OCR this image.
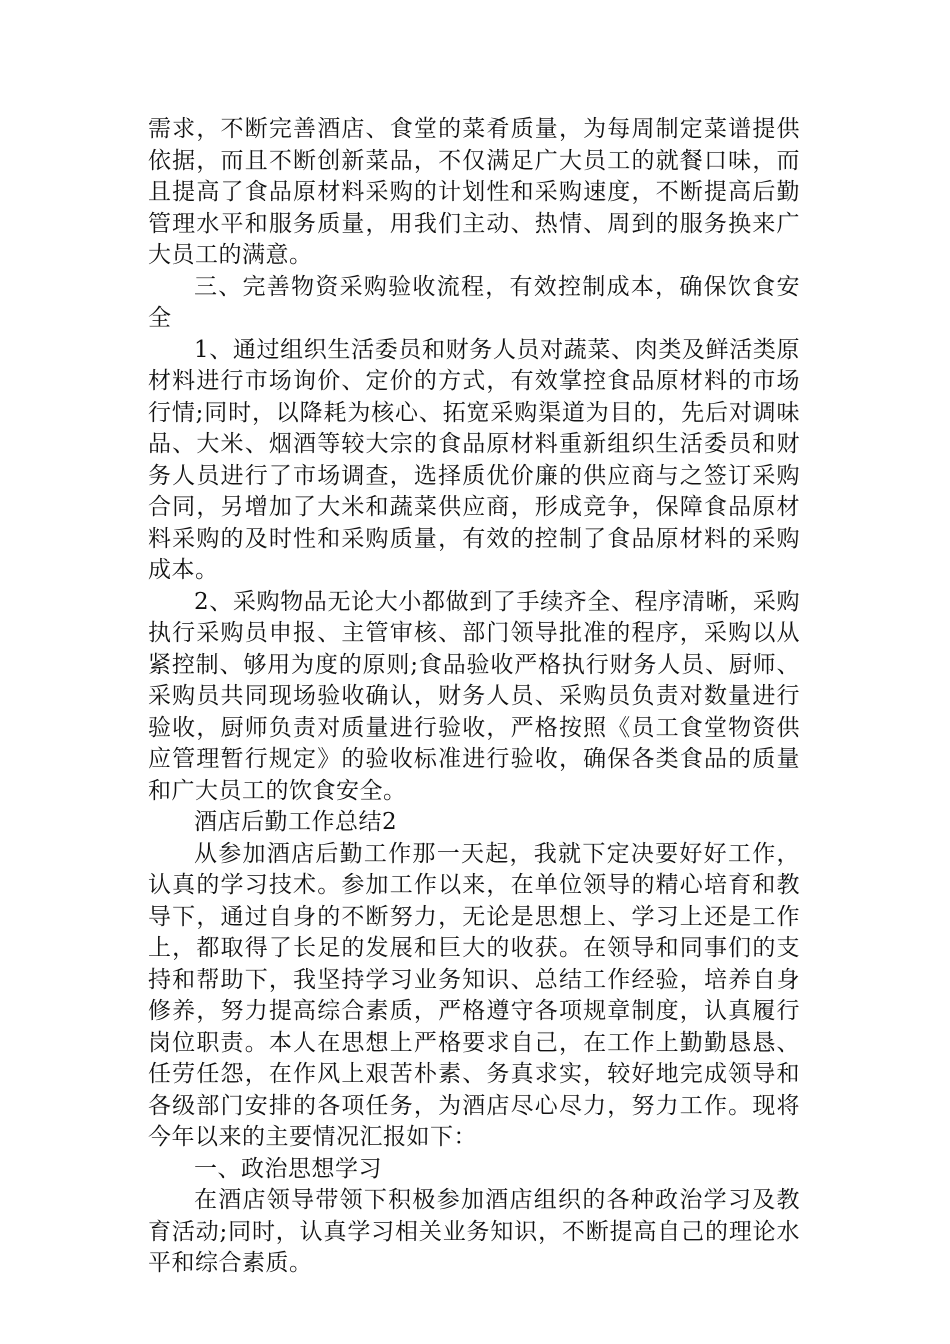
需求，不断完善酒店、食堂的菜肴质量，为每周制定菜谱提供依据，而且不断创新菜品，不仅满足广大员工的就餐口味，而且提高了食品原材料采购的计划性和采购速度，不断提高后勤管理水平和服务质量，用我们主动、热情、周到的服务换来广大员工的满意。

三、完善物资采购验收流程，有效控制成本，确保饮食安全

1、通过组织生活委员和财务人员对蔬菜、肉类及鲜活类原材料进行市场询价、定价的方式，有效掌控食品原材料的市场行情;同时，以降耗为核心、拓宽采购渠道为目的，先后对调味品、大米、烟酒等较大宗的食品原材料重新组织生活委员和财务人员进行了市场调查，选择质优价廉的供应商与之签订采购合同，另增加了大米和蔬菜供应商，形成竞争，保障食品原材料采购的及时性和采购质量，有效的控制了食品原材料的采购成本。

2、采购物品无论大小都做到了手续齐全、程序清晰，采购执行采购员申报、主管审核、部门领导批准的程序，采购以从紧控制、够用为度的原则;食品验收严格执行财务人员、厨师、采购员共同现场验收确认，财务人员、采购员负责对数量进行验收，厨师负责对质量进行验收，严格按照《员工食堂物资供应管理暂行规定》的验收标准进行验收，确保各类食品的质量和广大员工的饮食安全。

酒店后勤工作总结2

从参加酒店后勤工作那一天起，我就下定决要好好工作，认真的学习技术。参加工作以来，在单位领导的精心培育和教导下，通过自身的不断努力，无论是思想上、学习上还是工作上，都取得了长足的发展和巨大的收获。在领导和同事们的支持和帮助下，我坚持学习业务知识、总结工作经验，培养自身修养，努力提高综合素质，严格遵守各项规章制度，认真履行岗位职责。本人在思想上严格要求自己，在工作上勤勤恳恳、任劳任怨，在作风上艰苦朴素、务真求实，较好地完成领导和各级部门安排的各项任务，为酒店尽心尽力，努力工作。现将今年以来的主要情况汇报如下：

一、政治思想学习

在酒店领导带领下积极参加酒店组织的各种政治学习及教育活动;同时，认真学习相关业务知识，不断提高自己的理论水平和综合素质。
